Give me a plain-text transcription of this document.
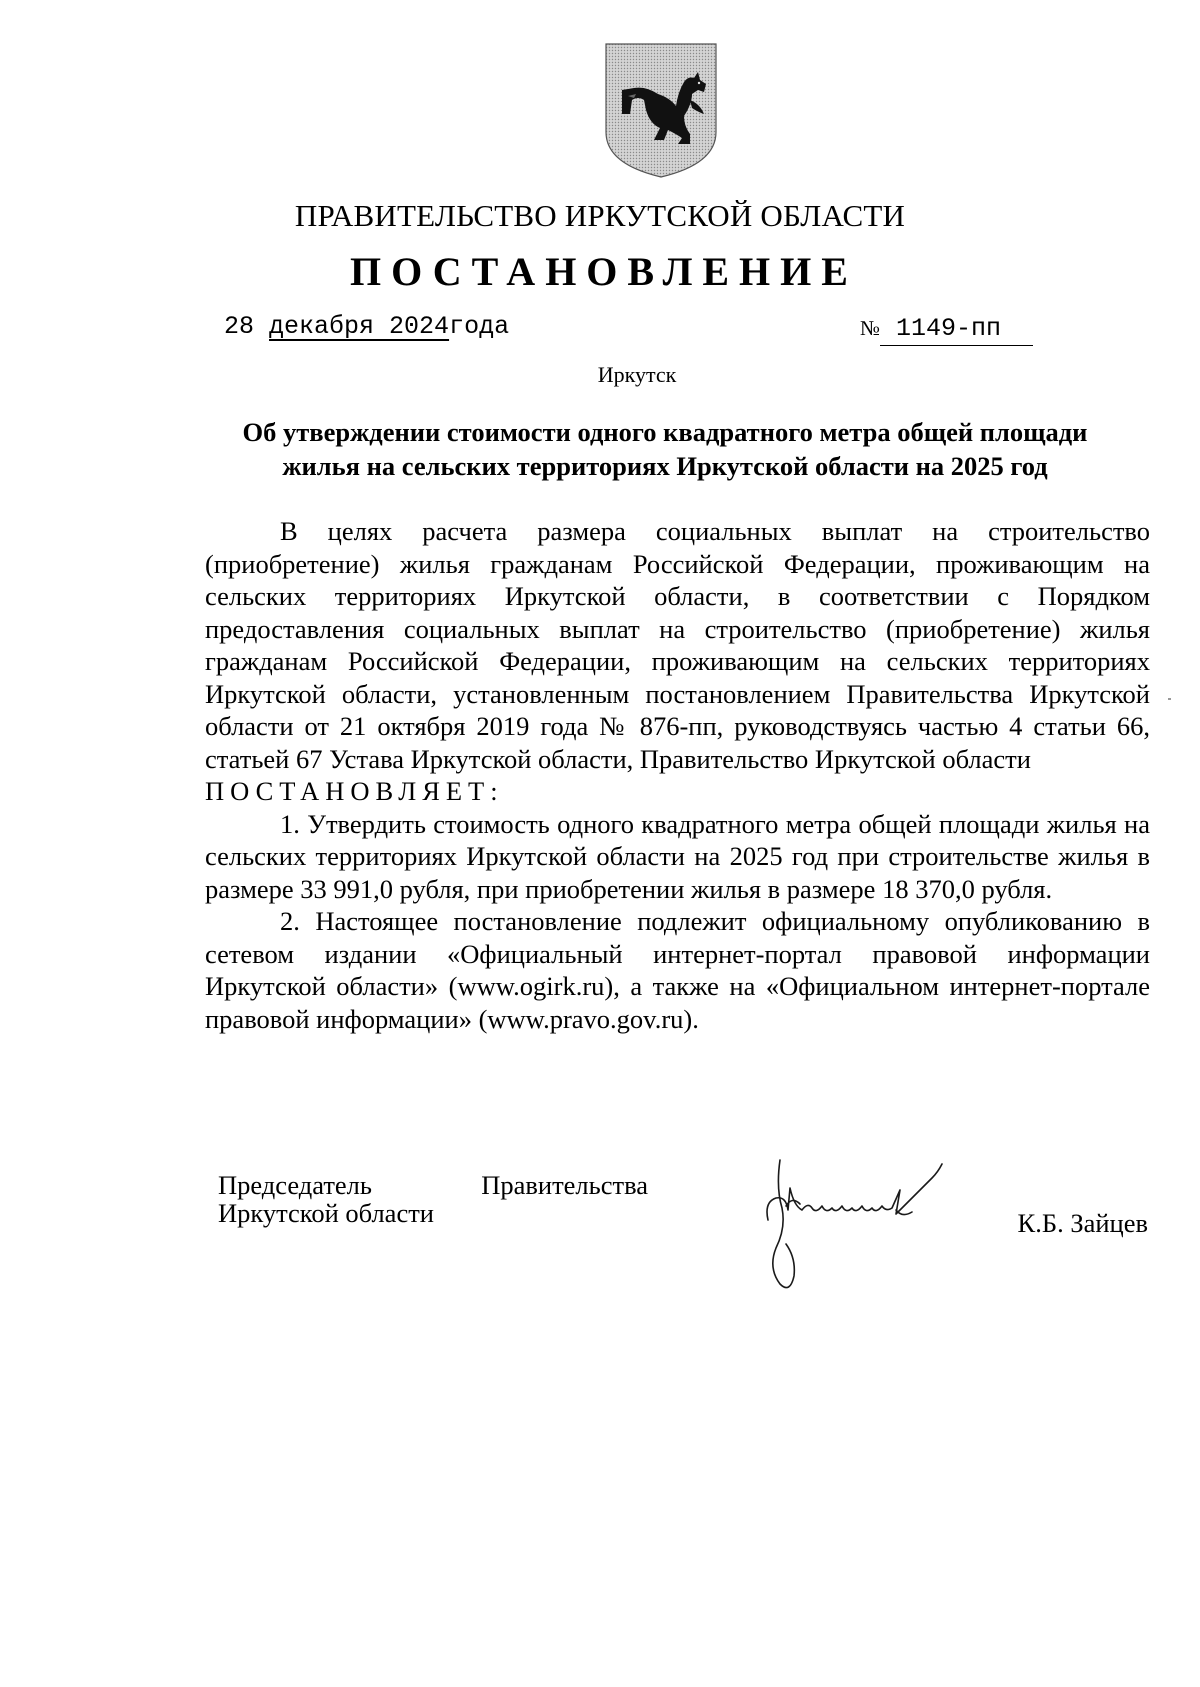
ПРАВИТЕЛЬСТВО ИРКУТСКОЙ ОБЛАСТИ
ПОСТАНОВЛЕНИЕ
28 декабря 2024года	№ 1149-пп
Иркутск
Об утверждении стоимости одного квадратного метра общей площади
жилья на сельских территориях Иркутской области на 2025 год

В целях расчета размера социальных выплат на строительство (приобретение) жилья гражданам Российской Федерации, проживающим на сельских территориях Иркутской области, в соответствии с Порядком предоставления социальных выплат на строительство (приобретение) жилья гражданам Российской Федерации, проживающим на сельских территориях Иркутской области, установленным постановлением Правительства Иркутской области от 21 октября 2019 года № 876-пп, руководствуясь частью 4 статьи 66, статьей 67 Устава Иркутской области, Правительство Иркутской области

ПОСТАНОВЛЯЕТ:

1. Утвердить стоимость одного квадратного метра общей площади жилья на сельских территориях Иркутской области на 2025 год при строительстве жилья в размере 33 991,0 рубля, при приобретении жилья в размере 18 370,0 рубля.

2. Настоящее постановление подлежит официальному опубликованию в сетевом издании «Официальный интернет-портал правовой информации Иркутской области» (www.ogirk.ru), а также на «Официальном интернет-портале правовой информации» (www.pravo.gov.ru).

Председатель	Правительства
Иркутской области	К.Б. Зайцев
